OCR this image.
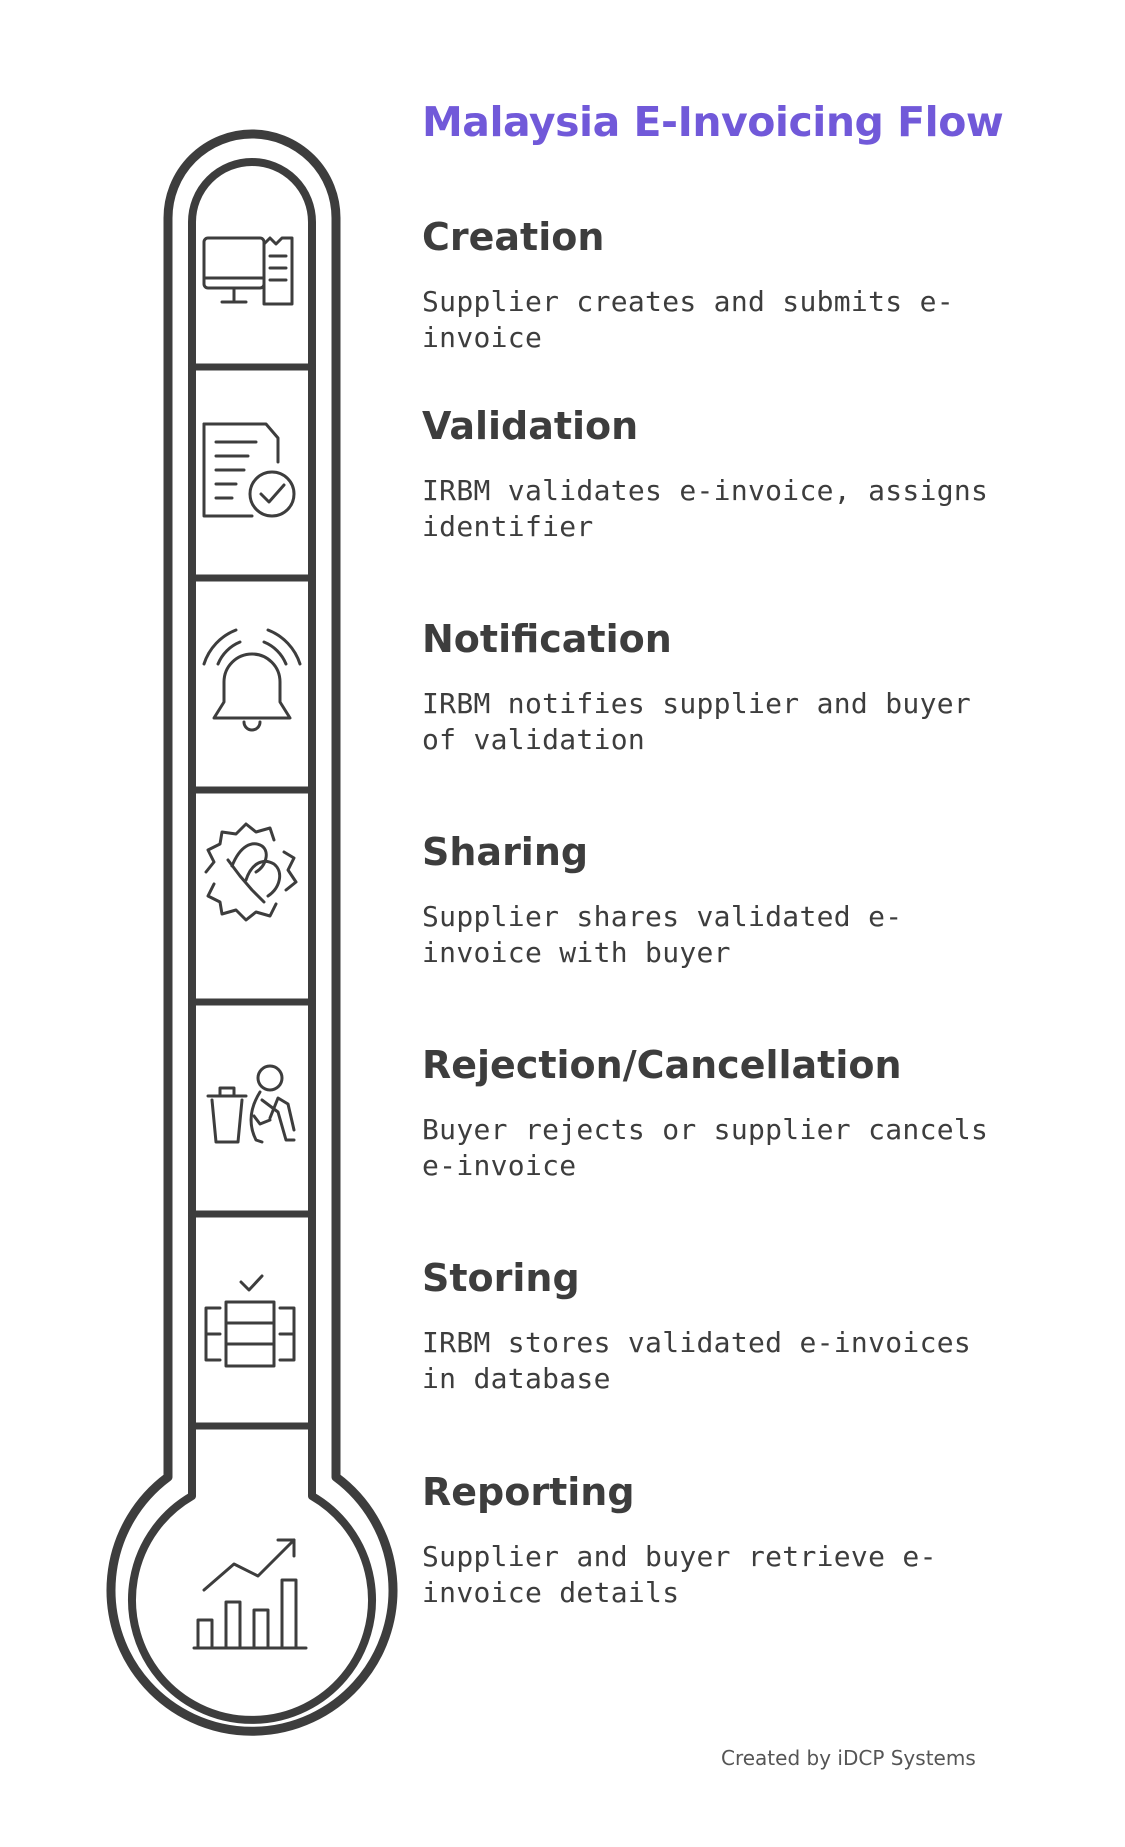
Malaysia E-Invoicing Flow
Creation

Supplier creates and submits e-invoice

Validation

IRBM validates e-invoice, assigns identifier

Notification

IRBM notifies supplier and buyer of validation

Sharing

Supplier shares validated e-invoice with buyer

Rejection/Cancellation

Buyer rejects or supplier cancels e-invoice

Storing

IRBM stores validated e-invoices in database

Reporting

Supplier and buyer retrieve e-invoice details

Created by iDCP Systems
